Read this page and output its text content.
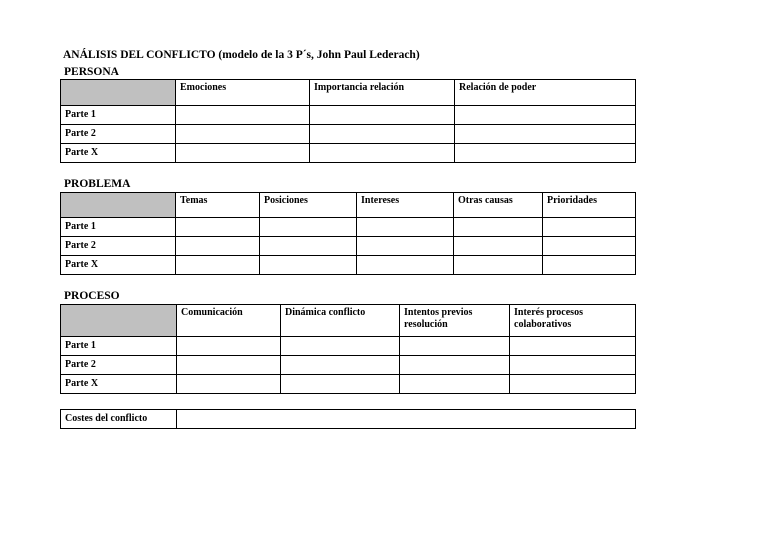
ANÁLISIS DEL CONFLICTO (modelo de la 3 P´s, John Paul Lederach)
PERSONA
	Emociones	Importancia relación	Relación de poder
Parte 1			
Parte 2			
Parte X			
PROBLEMA
	Temas	Posiciones	Intereses	Otras causas	Prioridades
Parte 1					
Parte 2					
Parte X					
PROCESO
	Comunicación	Dinámica conflicto	Intentos previos resolución	Interés procesos colaborativos
Parte 1				
Parte 2				
Parte X				
Costes del conflicto	
